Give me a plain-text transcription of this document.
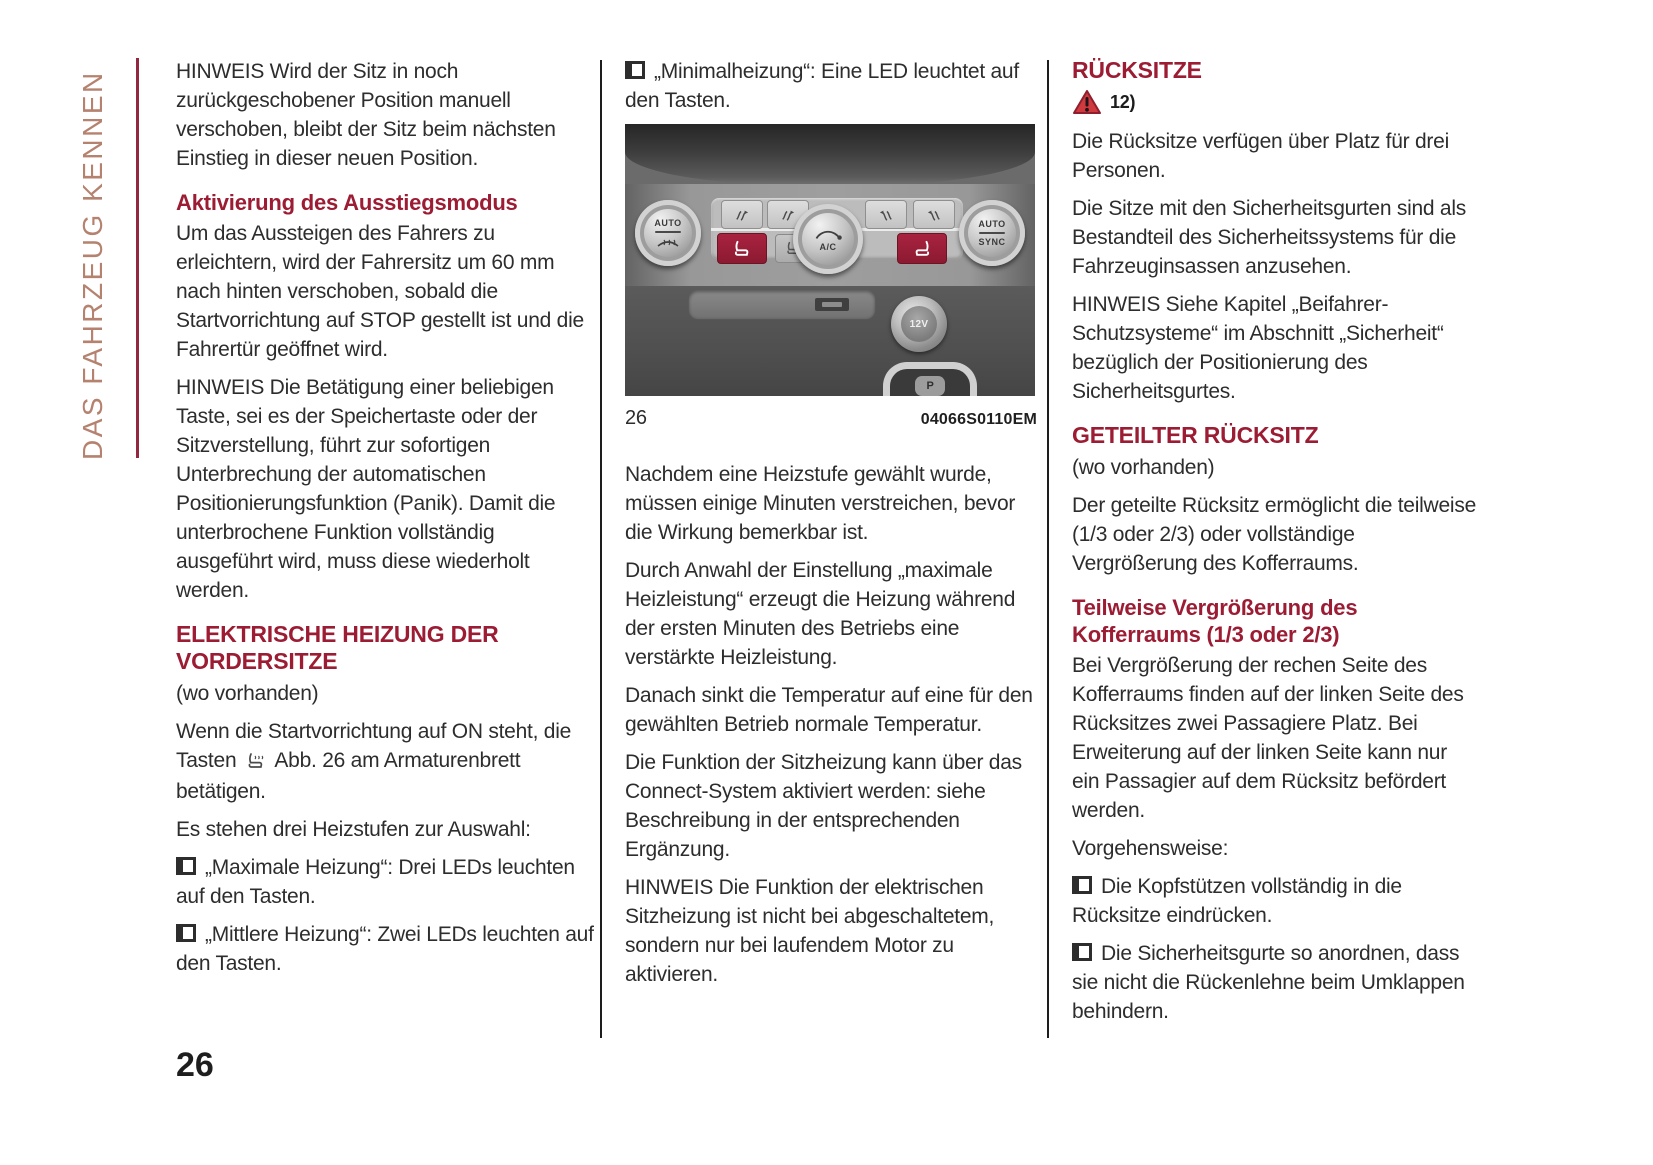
DAS FAHRZEUG KENNEN	HINWEIS Wird der Sitz in noch zurückgeschobener Position manuell verschoben, bleibt der Sitz beim nächsten Einstieg in dieser neuen Position.

Aktivierung des Ausstiegsmodus

Um das Aussteigen des Fahrers zu erleichtern, wird der Fahrersitz um 60 mm nach hinten verschoben, sobald die Startvorrichtung auf STOP gestellt ist und die Fahrertür geöffnet wird.

HINWEIS Die Betätigung einer beliebigen Taste, sei es der Speichertaste oder der Sitzverstellung, führt zur sofortigen Unterbrechung der automatischen Positionierungsfunktion (Panik). Damit die unterbrochene Funktion vollständig ausgeführt wird, muss diese wiederholt werden.

ELEKTRISCHE HEIZUNG DER VORDERSITZE

(wo vorhanden)

Wenn die Startvorrichtung auf ON steht, die Tasten Abb. 26 am Armaturenbrett betätigen.

Es stehen drei Heizstufen zur Auswahl:

„Maximale Heizung“: Drei LEDs leuchten auf den Tasten.

„Mittlere Heizung“: Zwei LEDs leuchten auf den Tasten.

„Minimalheizung“: Eine LED leuchtet auf den Tasten.

AUTO
A/C
AUTO
SYNC
12V
P
26	04066S0110EM

Nachdem eine Heizstufe gewählt wurde, müssen einige Minuten verstreichen, bevor die Wirkung bemerkbar ist.

Durch Anwahl der Einstellung „maximale Heizleistung“ erzeugt die Heizung während der ersten Minuten des Betriebs eine verstärkte Heizleistung.

Danach sinkt die Temperatur auf eine für den gewählten Betrieb normale Temperatur.

Die Funktion der Sitzheizung kann über das Connect-System aktiviert werden: siehe Beschreibung in der entsprechenden Ergänzung.

HINWEIS Die Funktion der elektrischen Sitzheizung ist nicht bei abgeschaltetem, sondern nur bei laufendem Motor zu aktivieren.

RÜCKSITZE
12)

Die Rücksitze verfügen über Platz für drei Personen.

Die Sitze mit den Sicherheitsgurten sind als Bestandteil des Sicherheitssystems für die Fahrzeuginsassen anzusehen.

HINWEIS Siehe Kapitel „Beifahrer-Schutzsysteme“ im Abschnitt „Sicherheit“ bezüglich der Positionierung des Sicherheitsgurtes.

GETEILTER RÜCKSITZ

(wo vorhanden)

Der geteilte Rücksitz ermöglicht die teilweise (1/3 oder 2/3) oder vollständige Vergrößerung des Kofferraums.

Teilweise Vergrößerung des Kofferraums (1/3 oder 2/3)

Bei Vergrößerung der rechen Seite des Kofferraums finden auf der linken Seite des Rücksitzes zwei Passagiere Platz. Bei Erweiterung auf der linken Seite kann nur ein Passagier auf dem Rücksitz befördert werden.

Vorgehensweise:

Die Kopfstützen vollständig in die Rücksitze eindrücken.

Die Sicherheitsgurte so anordnen, dass sie nicht die Rückenlehne beim Umklappen behindern.

26
